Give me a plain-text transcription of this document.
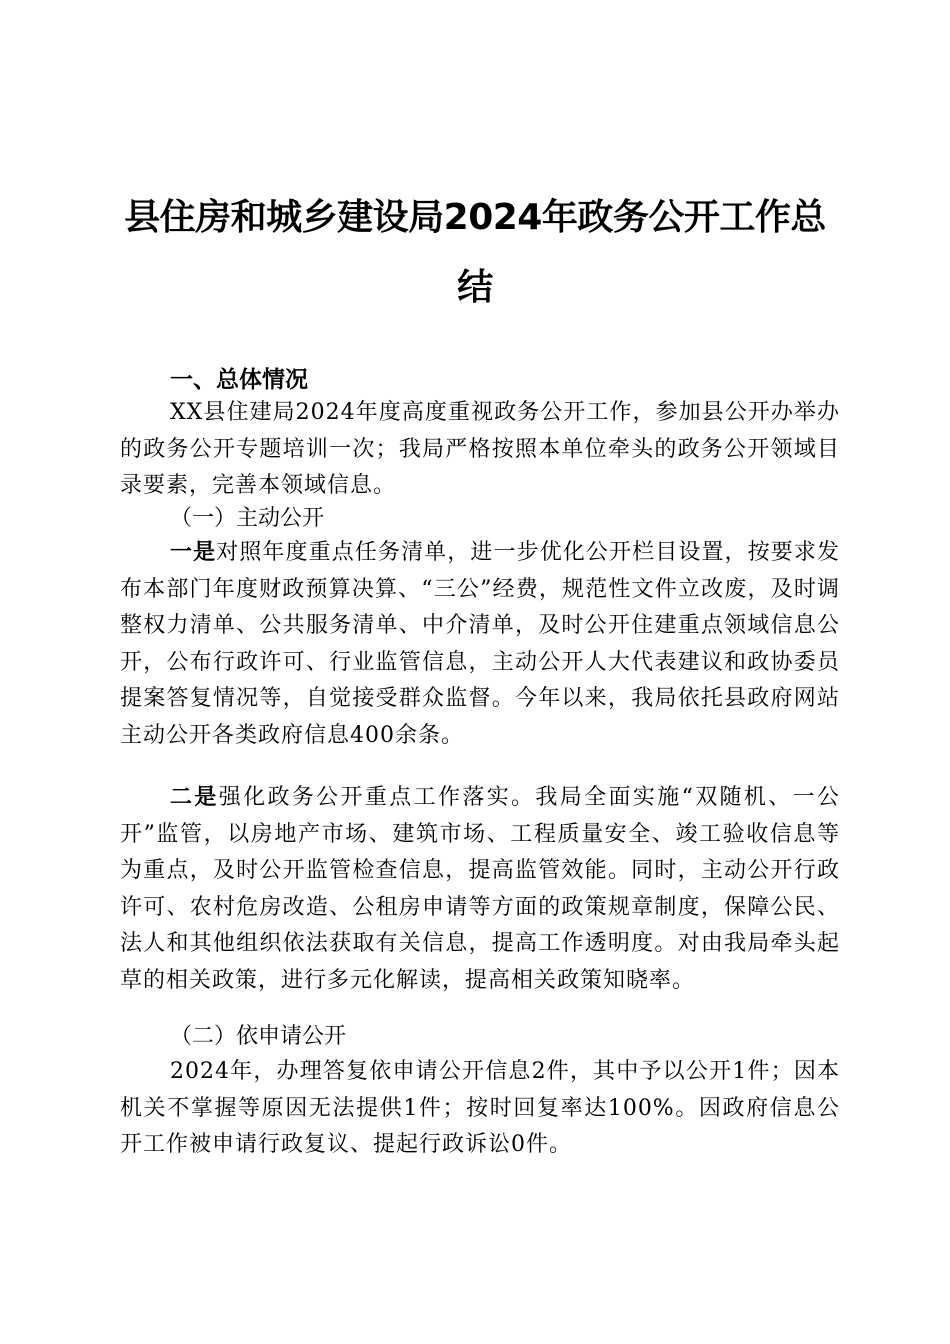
县住房和城乡建设局2024年政务公开工作总
结
一、总体情况
XX县住建局2024年度高度重视政务公开工作，参加县公开办举办的政务公开专题培训一次；我局严格按照本单位牵头的政务公开领域目录要素，完善本领域信息。
（一）主动公开
一是对照年度重点任务清单，进一步优化公开栏目设置，按要求发布本部门年度财政预算决算、“三公”经费，规范性文件立改废，及时调整权力清单、公共服务清单、中介清单，及时公开住建重点领域信息公开，公布行政许可、行业监管信息，主动公开人大代表建议和政协委员提案答复情况等，自觉接受群众监督。今年以来，我局依托县政府网站主动公开各类政府信息400余条。
二是强化政务公开重点工作落实。我局全面实施“双随机、一公开”监管，以房地产市场、建筑市场、工程质量安全、竣工验收信息等为重点，及时公开监管检查信息，提高监管效能。同时，主动公开行政许可、农村危房改造、公租房申请等方面的政策规章制度，保障公民、法人和其他组织依法获取有关信息，提高工作透明度。对由我局牵头起草的相关政策，进行多元化解读，提高相关政策知晓率。
（二）依申请公开
2024年，办理答复依申请公开信息2件，其中予以公开1件；因本机关不掌握等原因无法提供1件；按时回复率达100%。因政府信息公开工作被申请行政复议、提起行政诉讼0件。
